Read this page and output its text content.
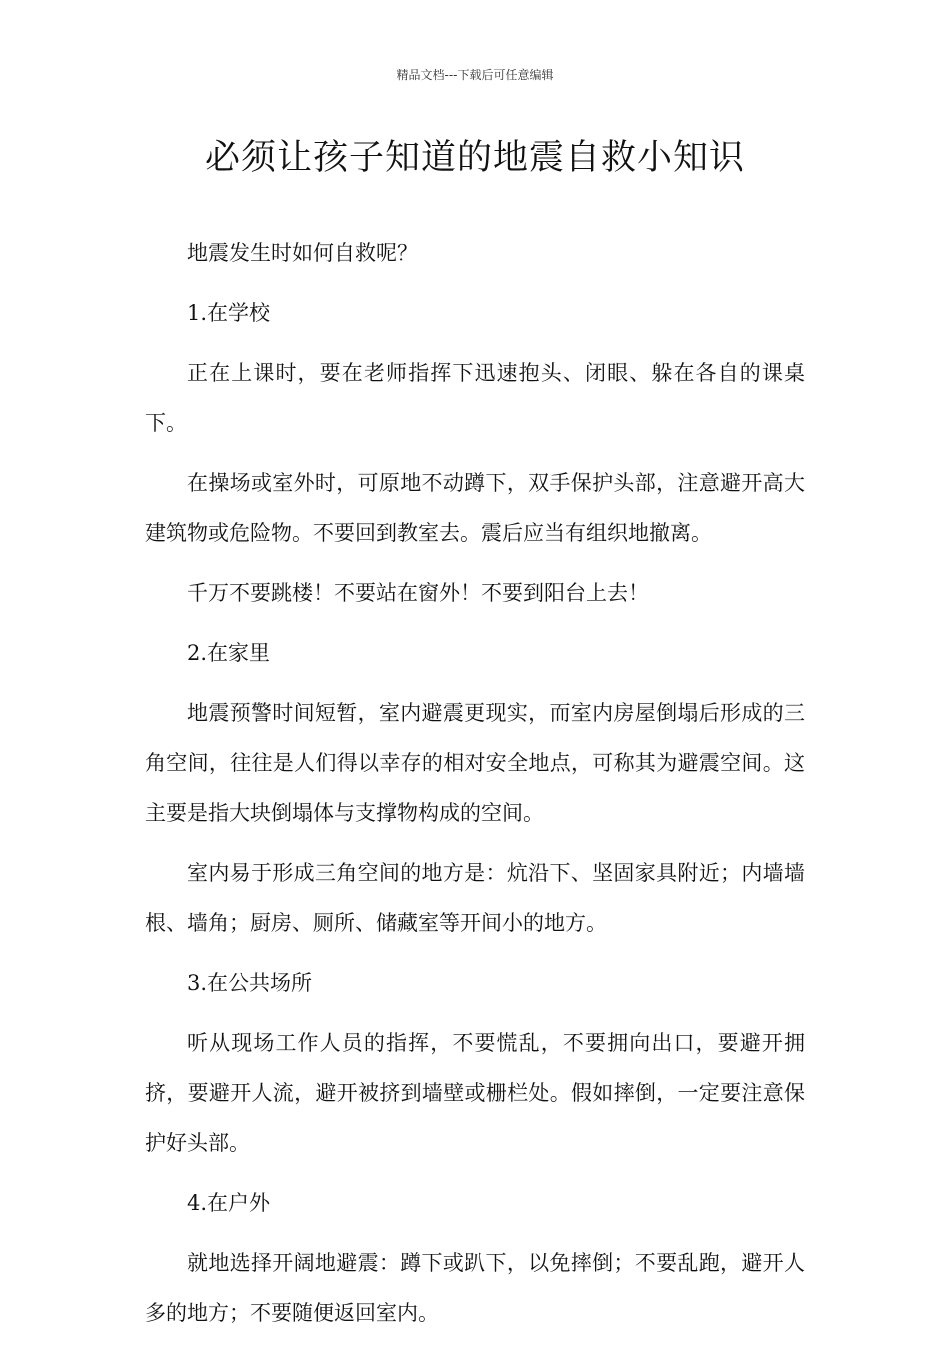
精品文档---下载后可任意编辑
必须让孩子知道的地震自救小知识

地震发生时如何自救呢？

1.在学校

正在上课时，要在老师指挥下迅速抱头、闭眼、躲在各自的课桌下。

在操场或室外时，可原地不动蹲下，双手保护头部，注意避开高大建筑物或危险物。不要回到教室去。震后应当有组织地撤离。

千万不要跳楼！不要站在窗外！不要到阳台上去！

2.在家里

地震预警时间短暂，室内避震更现实，而室内房屋倒塌后形成的三角空间，往往是人们得以幸存的相对安全地点，可称其为避震空间。这主要是指大块倒塌体与支撑物构成的空间。

室内易于形成三角空间的地方是：炕沿下、坚固家具附近；内墙墙根、墙角；厨房、厕所、储藏室等开间小的地方。

3.在公共场所

听从现场工作人员的指挥，不要慌乱，不要拥向出口，要避开拥挤，要避开人流，避开被挤到墙壁或栅栏处。假如摔倒，一定要注意保护好头部。

4.在户外

就地选择开阔地避震：蹲下或趴下，以免摔倒；不要乱跑，避开人多的地方；不要随便返回室内。
